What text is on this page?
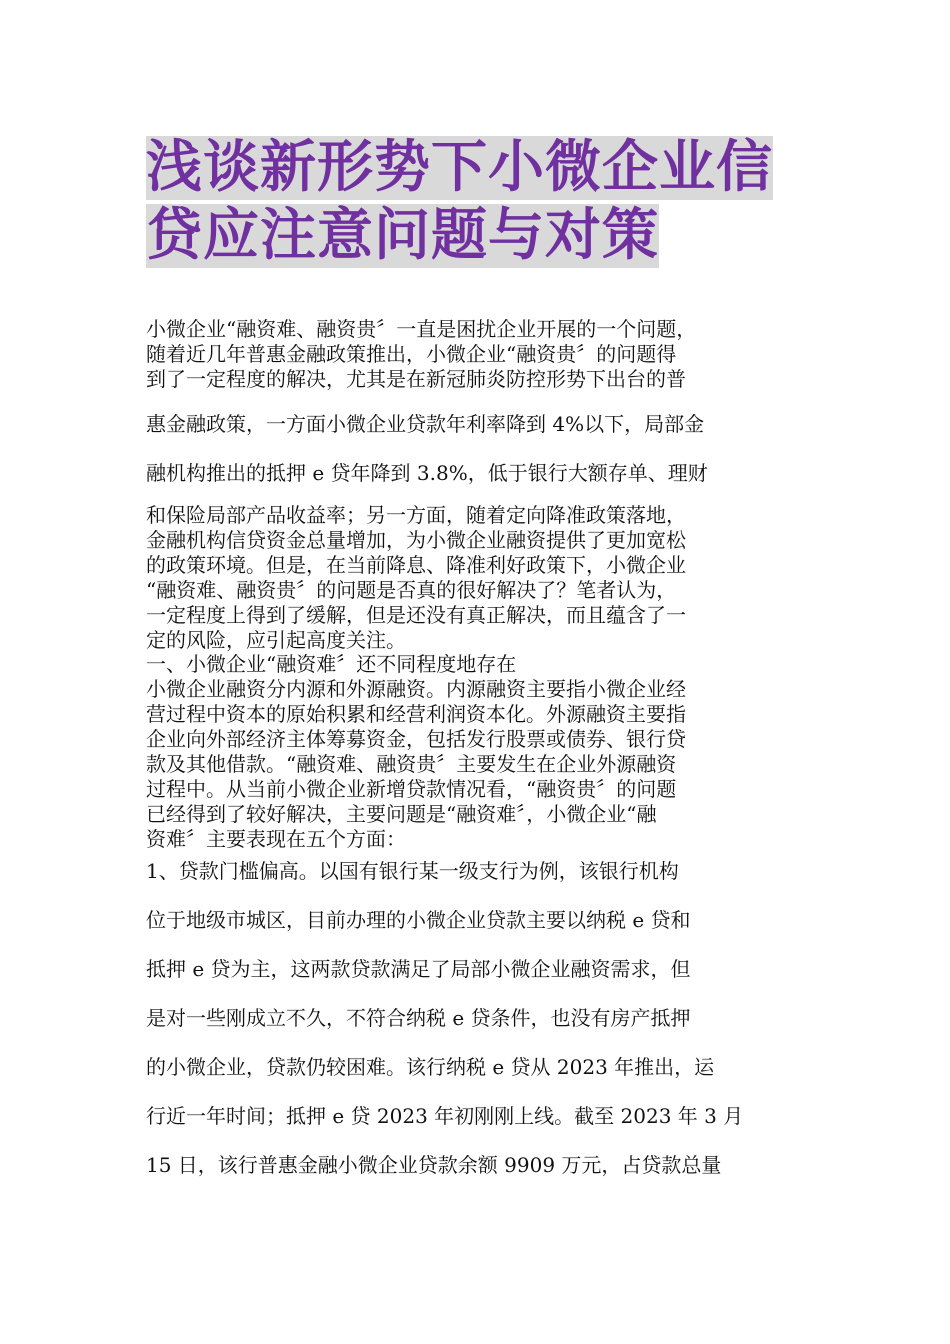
浅谈新形势下小微企业信
贷应注意问题与对策
小微企业“融资难、融资贵〞一直是困扰企业开展的一个问题，
随着近几年普惠金融政策推出，小微企业“融资贵〞的问题得
到了一定程度的解决，尤其是在新冠肺炎防控形势下出台的普
惠金融政策，一方面小微企业贷款年利率降到 4%以下，局部金
融机构推出的抵押 e 贷年降到 3.8%，低于银行大额存单、理财
和保险局部产品收益率；另一方面，随着定向降准政策落地，
金融机构信贷资金总量增加，为小微企业融资提供了更加宽松
的政策环境。但是，在当前降息、降准利好政策下，小微企业
“融资难、融资贵〞的问题是否真的很好解决了？笔者认为，
一定程度上得到了缓解，但是还没有真正解决，而且蕴含了一
定的风险，应引起高度关注。
一、小微企业“融资难〞还不同程度地存在
小微企业融资分内源和外源融资。内源融资主要指小微企业经
营过程中资本的原始积累和经营利润资本化。外源融资主要指
企业向外部经济主体筹募资金，包括发行股票或债券、银行贷
款及其他借款。“融资难、融资贵〞主要发生在企业外源融资
过程中。从当前小微企业新增贷款情况看，“融资贵〞的问题
已经得到了较好解决，主要问题是“融资难〞，小微企业“融
资难〞主要表现在五个方面：
1、贷款门槛偏高。以国有银行某一级支行为例，该银行机构
位于地级市城区，目前办理的小微企业贷款主要以纳税 e 贷和
抵押 e 贷为主，这两款贷款满足了局部小微企业融资需求，但
是对一些刚成立不久，不符合纳税 e 贷条件，也没有房产抵押
的小微企业，贷款仍较困难。该行纳税 e 贷从 2023 年推出，运
行近一年时间；抵押 e 贷 2023 年初刚刚上线。截至 2023 年 3 月
15 日，该行普惠金融小微企业贷款余额 9909 万元，占贷款总量
